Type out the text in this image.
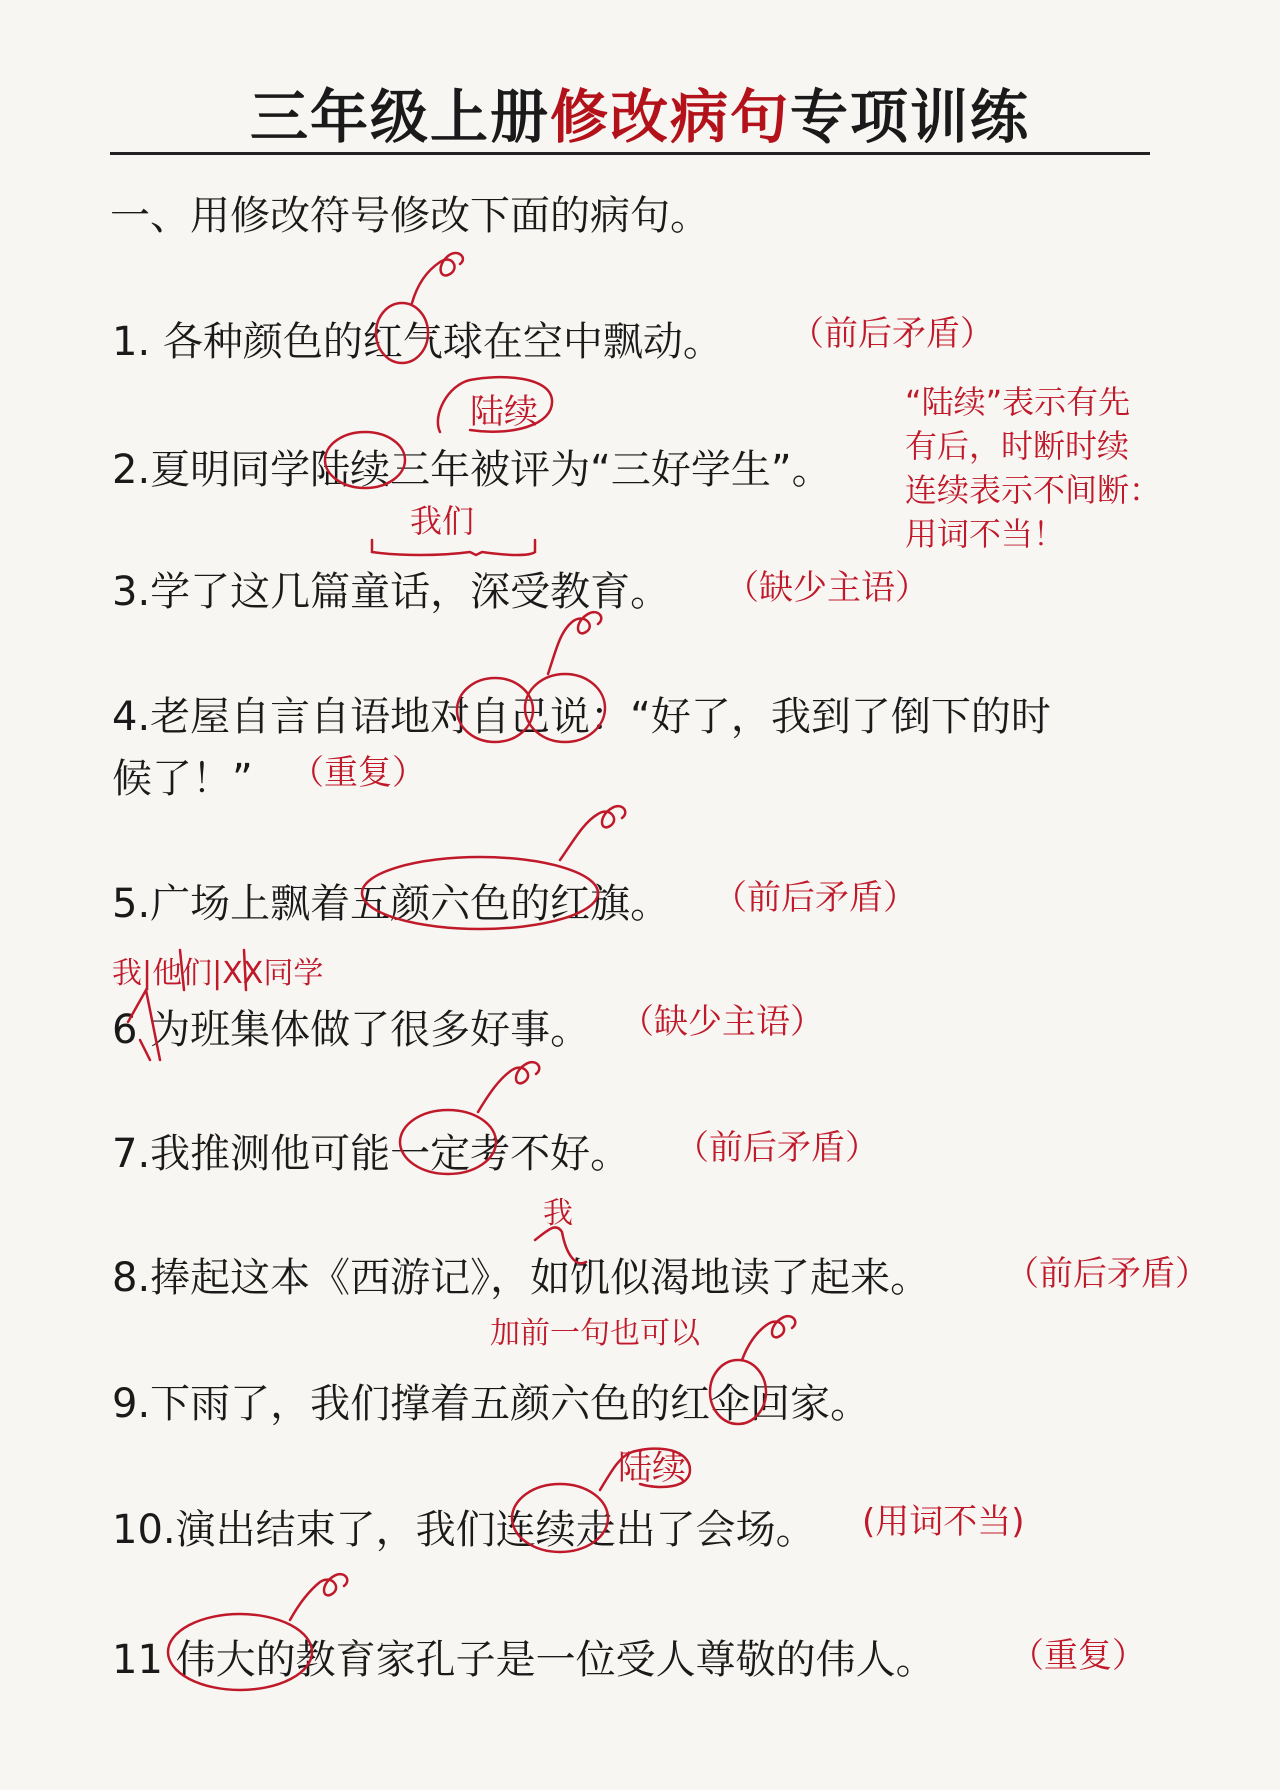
三年级上册修改病句专项训练
一、用修改符号修改下面的病句。
1. 各种颜色的红气球在空中飘动。 （前后矛盾）
陆续
2.夏明同学陆续三年被评为“三好学生”。
“陆续”表示有先
有后，时断时续
连续表示不间断：
用词不当！
我们
3.学了这几篇童话，深受教育。 （缺少主语）
4.老屋自言自语地对自己说：“好了，我到了倒下的时
候了！” （重复）
5.广场上飘着五颜六色的红旗。 （前后矛盾）
我|他们|XX同学
6 为班集体做了很多好事。 （缺少主语）
7.我推测他可能一定考不好。 （前后矛盾）
我
8.捧起这本《西游记》，如饥似渴地读了起来。 （前后矛盾）
加前一句也可以
9.下雨了，我们撑着五颜六色的红伞回家。
陆续
10.演出结束了，我们连续走出了会场。 (用词不当)
11 伟大的教育家孔子是一位受人尊敬的伟人。 （重复）
